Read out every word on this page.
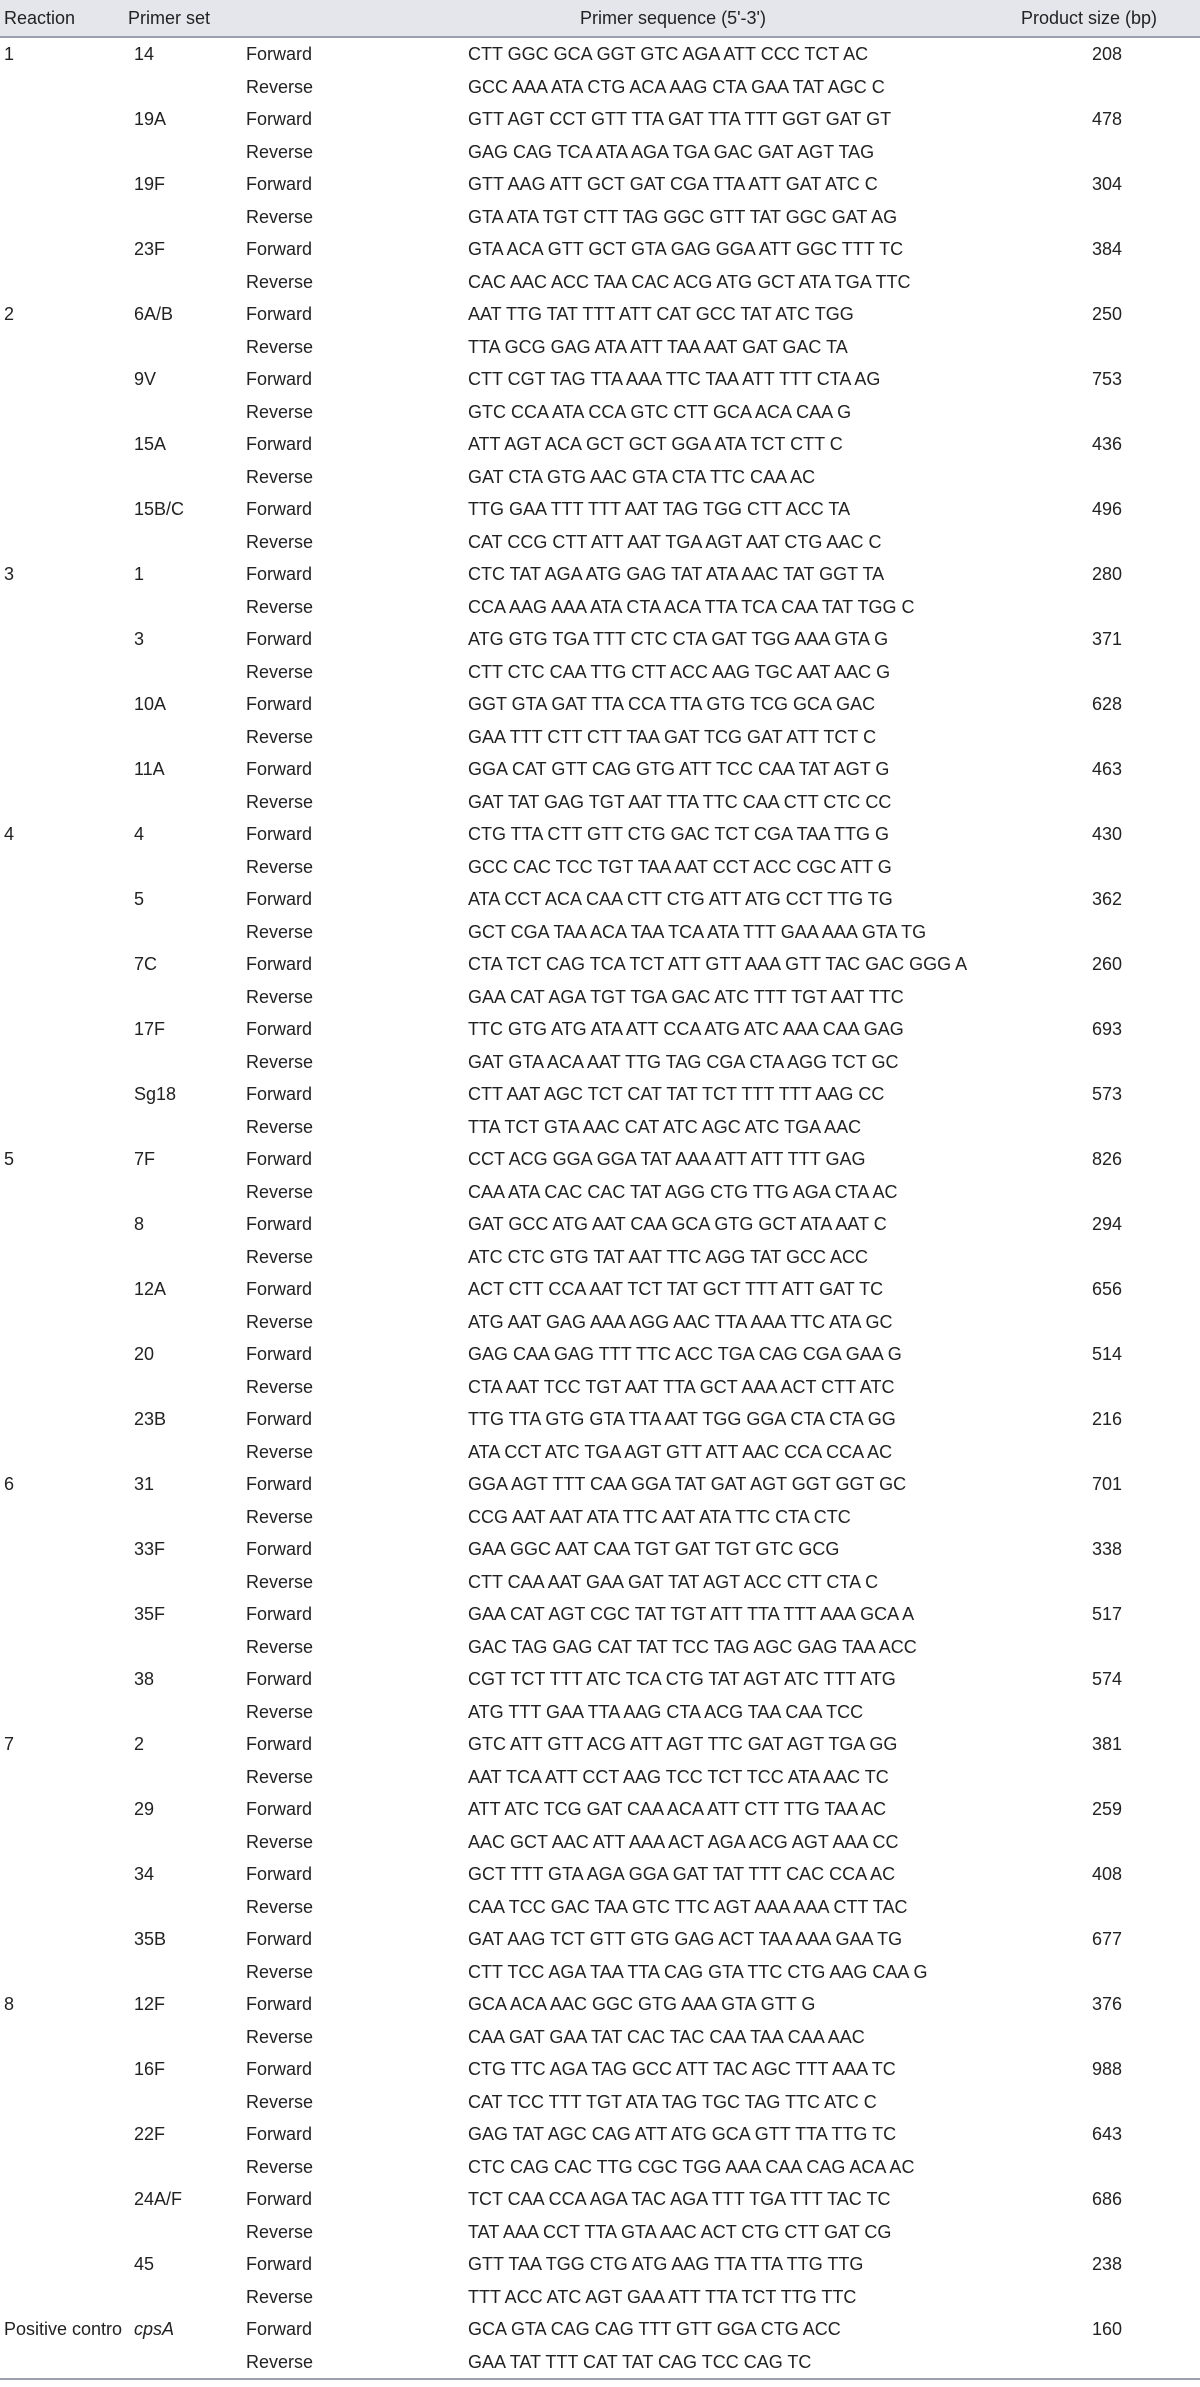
Reaction	Primer set		Primer sequence (5'-3')	Product size (bp)
1	14	Forward	CTT GGC GCA GGT GTC AGA ATT CCC TCT AC	208
		Reverse	GCC AAA ATA CTG ACA AAG CTA GAA TAT AGC C	
	19A	Forward	GTT AGT CCT GTT TTA GAT TTA TTT GGT GAT GT	478
		Reverse	GAG CAG TCA ATA AGA TGA GAC GAT AGT TAG	
	19F	Forward	GTT AAG ATT GCT GAT CGA TTA ATT GAT ATC C	304
		Reverse	GTA ATA TGT CTT TAG GGC GTT TAT GGC GAT AG	
	23F	Forward	GTA ACA GTT GCT GTA GAG GGA ATT GGC TTT TC	384
		Reverse	CAC AAC ACC TAA CAC ACG ATG GCT ATA TGA TTC	
2	6A/B	Forward	AAT TTG TAT TTT ATT CAT GCC TAT ATC TGG	250
		Reverse	TTA GCG GAG ATA ATT TAA AAT GAT GAC TA	
	9V	Forward	CTT CGT TAG TTA AAA TTC TAA ATT TTT CTA AG	753
		Reverse	GTC CCA ATA CCA GTC CTT GCA ACA CAA G	
	15A	Forward	ATT AGT ACA GCT GCT GGA ATA TCT CTT C	436
		Reverse	GAT CTA GTG AAC GTA CTA TTC CAA AC	
	15B/C	Forward	TTG GAA TTT TTT AAT TAG TGG CTT ACC TA	496
		Reverse	CAT CCG CTT ATT AAT TGA AGT AAT CTG AAC C	
3	1	Forward	CTC TAT AGA ATG GAG TAT ATA AAC TAT GGT TA	280
		Reverse	CCA AAG AAA ATA CTA ACA TTA TCA CAA TAT TGG C	
	3	Forward	ATG GTG TGA TTT CTC CTA GAT TGG AAA GTA G	371
		Reverse	CTT CTC CAA TTG CTT ACC AAG TGC AAT AAC G	
	10A	Forward	GGT GTA GAT TTA CCA TTA GTG TCG GCA GAC	628
		Reverse	GAA TTT CTT CTT TAA GAT TCG GAT ATT TCT C	
	11A	Forward	GGA CAT GTT CAG GTG ATT TCC CAA TAT AGT G	463
		Reverse	GAT TAT GAG TGT AAT TTA TTC CAA CTT CTC CC	
4	4	Forward	CTG TTA CTT GTT CTG GAC TCT CGA TAA TTG G	430
		Reverse	GCC CAC TCC TGT TAA AAT CCT ACC CGC ATT G	
	5	Forward	ATA CCT ACA CAA CTT CTG ATT ATG CCT TTG TG	362
		Reverse	GCT CGA TAA ACA TAA TCA ATA TTT GAA AAA GTA TG	
	7C	Forward	CTA TCT CAG TCA TCT ATT GTT AAA GTT TAC GAC GGG A	260
		Reverse	GAA CAT AGA TGT TGA GAC ATC TTT TGT AAT TTC	
	17F	Forward	TTC GTG ATG ATA ATT CCA ATG ATC AAA CAA GAG	693
		Reverse	GAT GTA ACA AAT TTG TAG CGA CTA AGG TCT GC	
	Sg18	Forward	CTT AAT AGC TCT CAT TAT TCT TTT TTT AAG CC	573
		Reverse	TTA TCT GTA AAC CAT ATC AGC ATC TGA AAC	
5	7F	Forward	CCT ACG GGA GGA TAT AAA ATT ATT TTT GAG	826
		Reverse	CAA ATA CAC CAC TAT AGG CTG TTG AGA CTA AC	
	8	Forward	GAT GCC ATG AAT CAA GCA GTG GCT ATA AAT C	294
		Reverse	ATC CTC GTG TAT AAT TTC AGG TAT GCC ACC	
	12A	Forward	ACT CTT CCA AAT TCT TAT GCT TTT ATT GAT TC	656
		Reverse	ATG AAT GAG AAA AGG AAC TTA AAA TTC ATA GC	
	20	Forward	GAG CAA GAG TTT TTC ACC TGA CAG CGA GAA G	514
		Reverse	CTA AAT TCC TGT AAT TTA GCT AAA ACT CTT ATC	
	23B	Forward	TTG TTA GTG GTA TTA AAT TGG GGA CTA CTA GG	216
		Reverse	ATA CCT ATC TGA AGT GTT ATT AAC CCA CCA AC	
6	31	Forward	GGA AGT TTT CAA GGA TAT GAT AGT GGT GGT GC	701
		Reverse	CCG AAT AAT ATA TTC AAT ATA TTC CTA CTC	
	33F	Forward	GAA GGC AAT CAA TGT GAT TGT GTC GCG	338
		Reverse	CTT CAA AAT GAA GAT TAT AGT ACC CTT CTA C	
	35F	Forward	GAA CAT AGT CGC TAT TGT ATT TTA TTT AAA GCA A	517
		Reverse	GAC TAG GAG CAT TAT TCC TAG AGC GAG TAA ACC	
	38	Forward	CGT TCT TTT ATC TCA CTG TAT AGT ATC TTT ATG	574
		Reverse	ATG TTT GAA TTA AAG CTA ACG TAA CAA TCC	
7	2	Forward	GTC ATT GTT ACG ATT AGT TTC GAT AGT TGA GG	381
		Reverse	AAT TCA ATT CCT AAG TCC TCT TCC ATA AAC TC	
	29	Forward	ATT ATC TCG GAT CAA ACA ATT CTT TTG TAA AC	259
		Reverse	AAC GCT AAC ATT AAA ACT AGA ACG AGT AAA CC	
	34	Forward	GCT TTT GTA AGA GGA GAT TAT TTT CAC CCA AC	408
		Reverse	CAA TCC GAC TAA GTC TTC AGT AAA AAA CTT TAC	
	35B	Forward	GAT AAG TCT GTT GTG GAG ACT TAA AAA GAA TG	677
		Reverse	CTT TCC AGA TAA TTA CAG GTA TTC CTG AAG CAA G	
8	12F	Forward	GCA ACA AAC GGC GTG AAA GTA GTT G	376
		Reverse	CAA GAT GAA TAT CAC TAC CAA TAA CAA AAC	
	16F	Forward	CTG TTC AGA TAG GCC ATT TAC AGC TTT AAA TC	988
		Reverse	CAT TCC TTT TGT ATA TAG TGC TAG TTC ATC C	
	22F	Forward	GAG TAT AGC CAG ATT ATG GCA GTT TTA TTG TC	643
		Reverse	CTC CAG CAC TTG CGC TGG AAA CAA CAG ACA AC	
	24A/F	Forward	TCT CAA CCA AGA TAC AGA TTT TGA TTT TAC TC	686
		Reverse	TAT AAA CCT TTA GTA AAC ACT CTG CTT GAT CG	
	45	Forward	GTT TAA TGG CTG ATG AAG TTA TTA TTG TTG	238
		Reverse	TTT ACC ATC AGT GAA ATT TTA TCT TTG TTC	
Positive contro	cpsA	Forward	GCA GTA CAG CAG TTT GTT GGA CTG ACC	160
		Reverse	GAA TAT TTT CAT TAT CAG TCC CAG TC	
